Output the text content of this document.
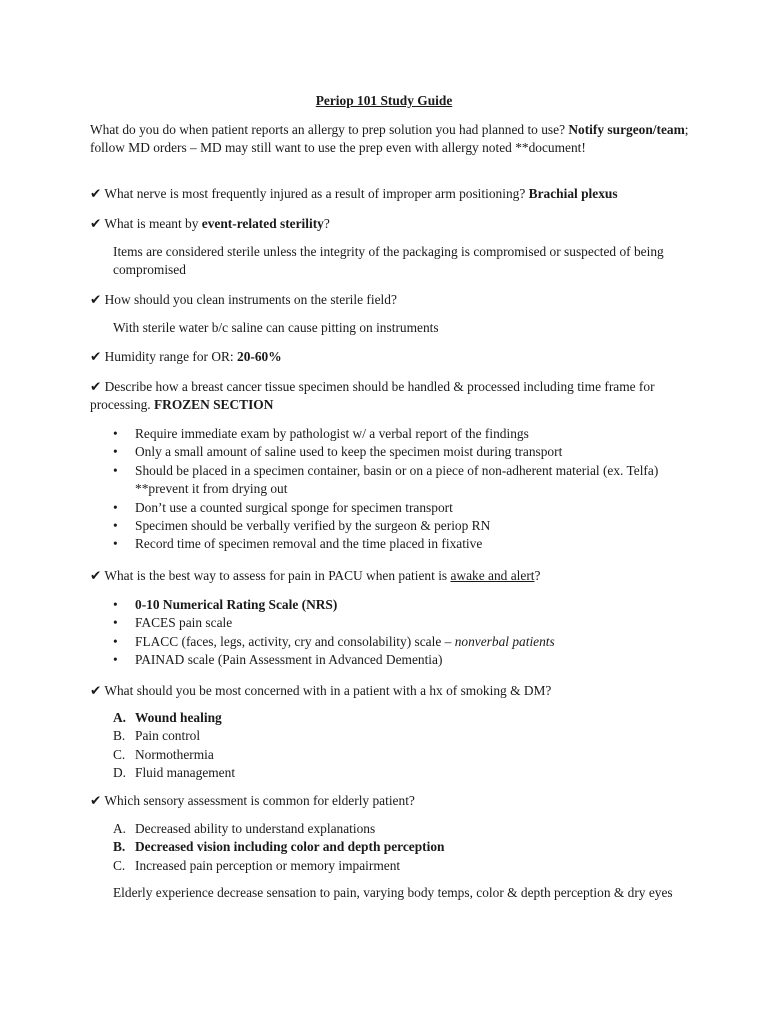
Periop 101 Study Guide
What do you do when patient reports an allergy to prep solution you had planned to use? Notify surgeon/team; follow MD orders – MD may still want to use the prep even with allergy noted **document!
✔ What nerve is most frequently injured as a result of improper arm positioning? Brachial plexus
✔ What is meant by event-related sterility?
Items are considered sterile unless the integrity of the packaging is compromised or suspected of being compromised
✔ How should you clean instruments on the sterile field?
With sterile water b/c saline can cause pitting on instruments
✔ Humidity range for OR: 20-60%
✔ Describe how a breast cancer tissue specimen should be handled & processed including time frame for processing. FROZEN SECTION
• Require immediate exam by pathologist w/ a verbal report of the findings
• Only a small amount of saline used to keep the specimen moist during transport
• Should be placed in a specimen container, basin or on a piece of non-adherent material (ex. Telfa) **prevent it from drying out
• Don’t use a counted surgical sponge for specimen transport
• Specimen should be verbally verified by the surgeon & periop RN
• Record time of specimen removal and the time placed in fixative
✔ What is the best way to assess for pain in PACU when patient is awake and alert?
• 0-10 Numerical Rating Scale (NRS)
• FACES pain scale
• FLACC (faces, legs, activity, cry and consolability) scale – nonverbal patients
• PAINAD scale (Pain Assessment in Advanced Dementia)
✔ What should you be most concerned with in a patient with a hx of smoking & DM?
A. Wound healing
B. Pain control
C. Normothermia
D. Fluid management
✔ Which sensory assessment is common for elderly patient?
A. Decreased ability to understand explanations
B. Decreased vision including color and depth perception
C. Increased pain perception or memory impairment
Elderly experience decrease sensation to pain, varying body temps, color & depth perception & dry eyes
